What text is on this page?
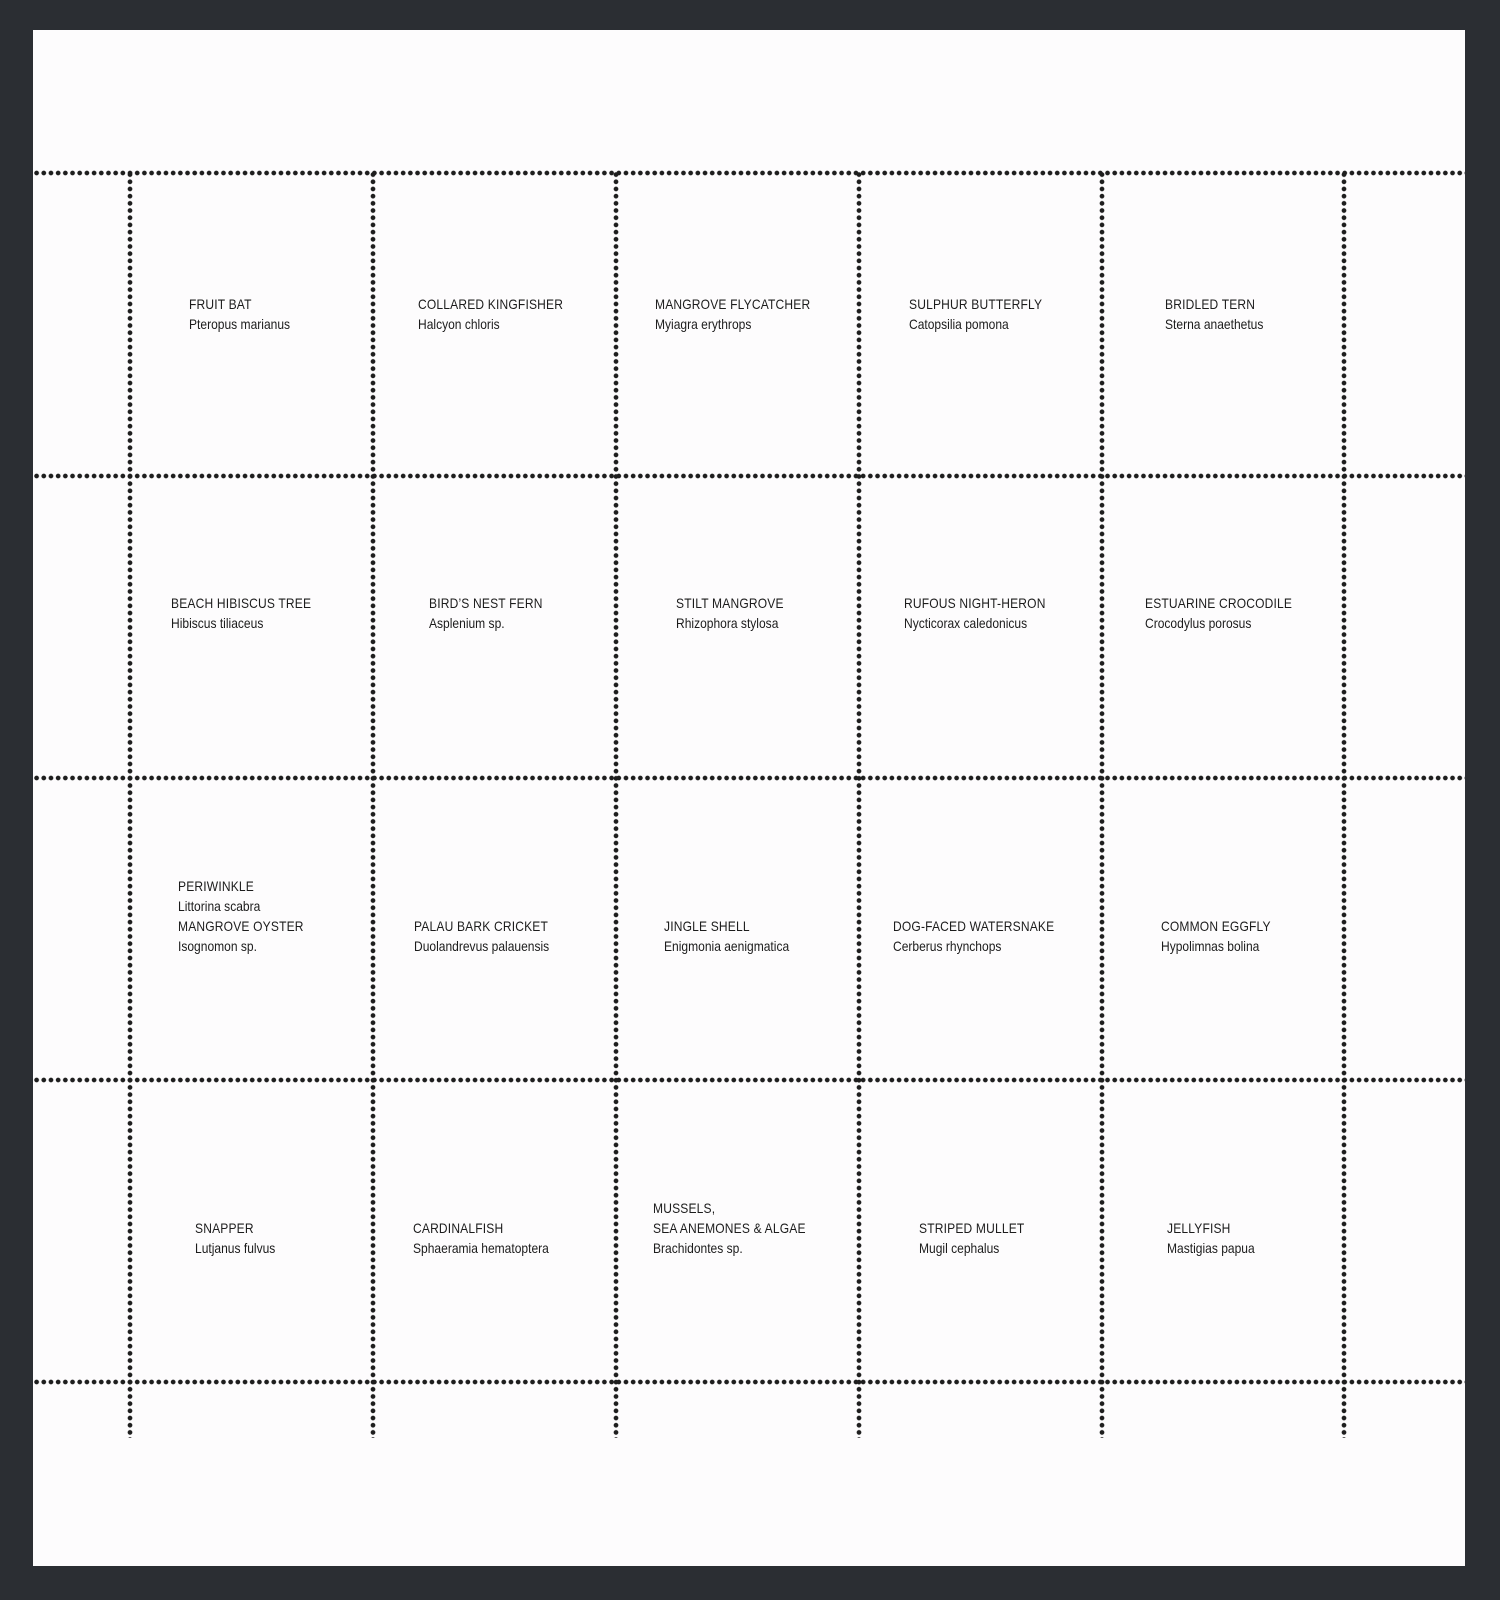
FRUIT BAT
Pteropus marianus
COLLARED KINGFISHER
Halcyon chloris
MANGROVE FLYCATCHER
Myiagra erythrops
SULPHUR BUTTERFLY
Catopsilia pomona
BRIDLED TERN
Sterna anaethetus
BEACH HIBISCUS TREE
Hibiscus tiliaceus
BIRD’S NEST FERN
Asplenium sp.
STILT MANGROVE
Rhizophora stylosa
RUFOUS NIGHT-HERON
Nycticorax caledonicus
ESTUARINE CROCODILE
Crocodylus porosus
PERIWINKLE
Littorina scabra
MANGROVE OYSTER
Isognomon sp.
PALAU BARK CRICKET
Duolandrevus palauensis
JINGLE SHELL
Enigmonia aenigmatica
DOG-FACED WATERSNAKE
Cerberus rhynchops
COMMON EGGFLY
Hypolimnas bolina
SNAPPER
Lutjanus fulvus
CARDINALFISH
Sphaeramia hematoptera
MUSSELS,
SEA ANEMONES & ALGAE
Brachidontes sp.
STRIPED MULLET
Mugil cephalus
JELLYFISH
Mastigias papua
